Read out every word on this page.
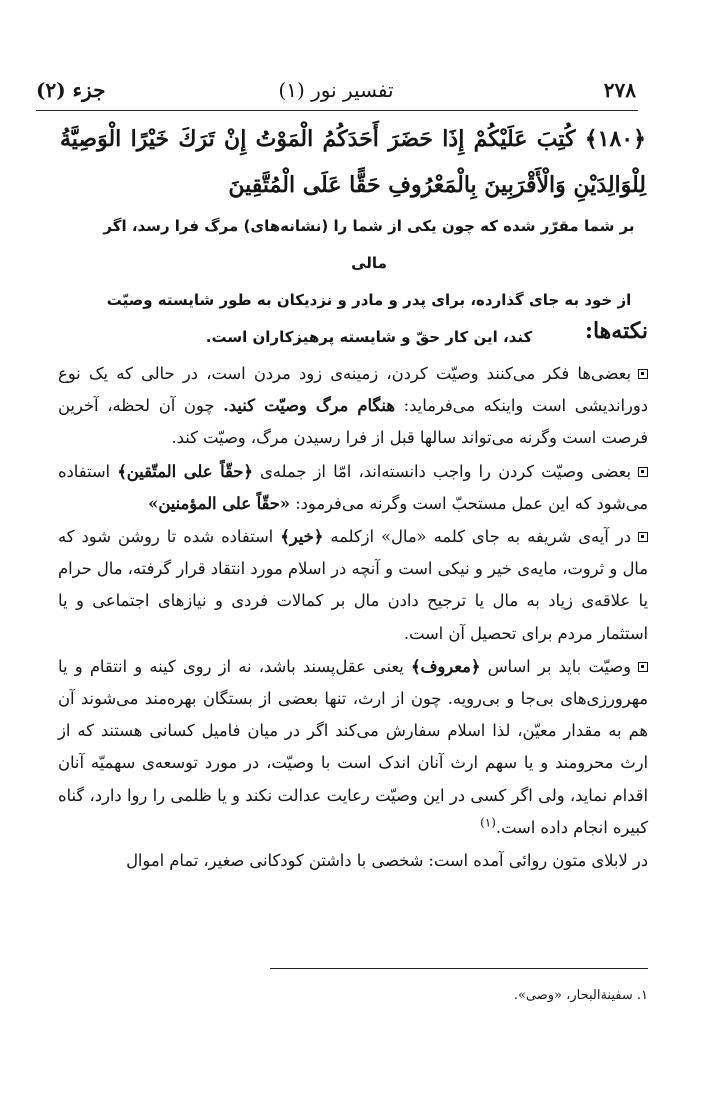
۲۷۸
تفسیر نور (۱)
جزء (۲)
﴿۱۸۰﴾ كُتِبَ عَلَيْكُمْ إِذَا حَضَرَ أَحَدَكُمُ الْمَوْتُ إِنْ تَرَكَ خَيْرًا الْوَصِيَّةُ لِلْوَالِدَيْنِ وَالْأَقْرَبِينَ بِالْمَعْرُوفِ حَقًّا عَلَى الْمُتَّقِينَ
بر شما مقرّر شده که چون یکی از شما را (نشانه‌های) مرگ فرا رسد، اگر مالی
از خود به جای گذارده، برای پدر و مادر و نزدیکان به طور شایسته وصیّت
کند، این کار حقّ و شایسته پرهیزکاران است.	نکته‌ها:
بعضی‌ها فکر می‌کنند وصیّت کردن، زمینه‌ی زود مردن است، در حالی که یک نوع دوراندیشی است واینکه می‌فرماید: هنگام مرگ وصیّت کنید. چون آن لحظه، آخرین فرصت است وگرنه می‌تواند سالها قبل از فرا رسیدن مرگ، وصیّت کند.
بعضی وصیّت کردن را واجب دانسته‌اند، امّا از جمله‌ی ﴿حقّاً علی المتّقین﴾ استفاده می‌شود که این عمل مستحبّ است وگرنه می‌فرمود: «حقّاً علی المؤمنین»
در آیه‌ی شریفه به جای کلمه «مال» ازکلمه ﴿خیر﴾ استفاده شده تا روشن شود که مال و ثروت، مایه‌ی خیر و نیکی است و آنچه در اسلام مورد انتقاد قرار گرفته، مال حرام یا علاقه‌ی زیاد به مال یا ترجیح دادن مال بر کمالات فردی و نیازهای اجتماعی و یا استثمار مردم برای تحصیل آن است.
وصیّت باید بر اساس ﴿معروف﴾ یعنی عقل‌پسند باشد، نه از روی کینه و انتقام و یا مهرورزی‌های بی‌جا و بی‌رویه. چون از ارث، تنها بعضی از بستگان بهره‌مند می‌شوند آن هم به مقدار معیّن، لذا اسلام سفارش می‌کند اگر در میان فامیل کسانی هستند که از ارث محرومند و یا سهم ارث آنان اندک است با وصیّت، در مورد توسعه‌ی سهمیّه آنان اقدام نماید، ولی اگر کسی در این وصیّت رعایت عدالت نکند و یا ظلمی را روا دارد، گناه کبیره انجام داده است.$^{(۱)}$
در لابلای متون روائی آمده است: شخصی با داشتن کودکانی صغیر، تمام اموال
۱. سفینةالبحار، «وصی».
